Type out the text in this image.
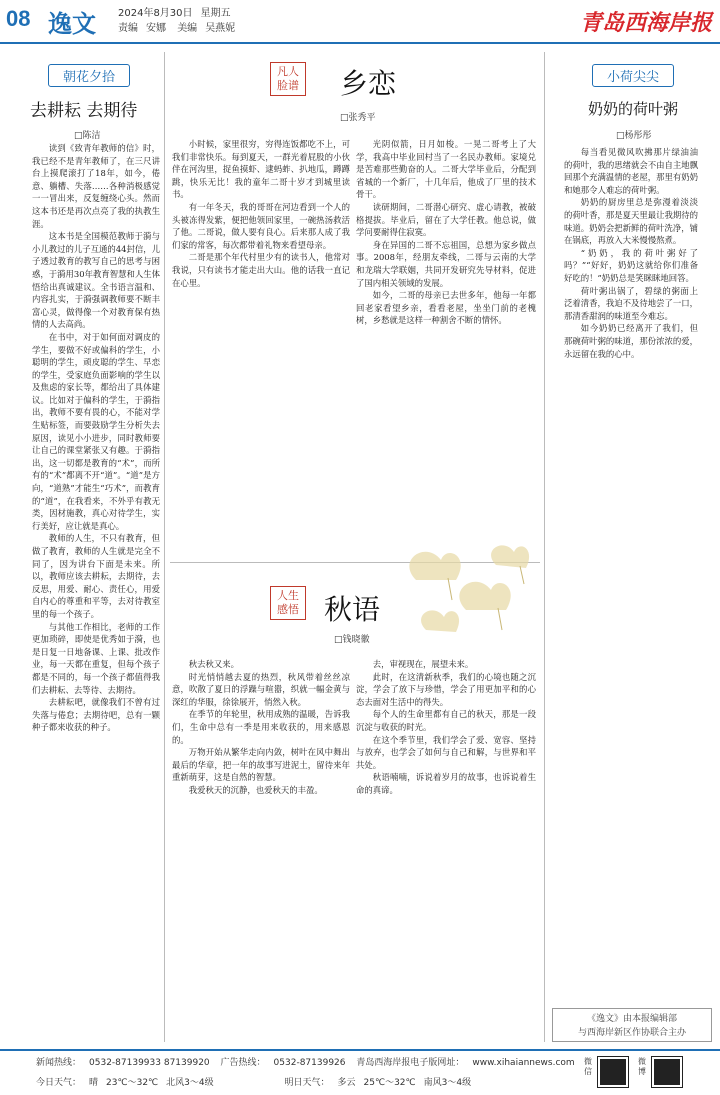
08 逸文 2024年8月30日 星期五
责编 安娜 美编 吴燕妮	青岛西海岸报
朝花夕拾
去耕耘 去期待
□陈洁

读到《致青年教师的信》时，我已经不是青年教师了，在三尺讲台上摸爬滚打了18年，如今，倦意、躺槽、失落……各种消极感觉一一冒出来，反复缠绕心头。然而这本书还是再次点亮了我的执教生涯。

这本书是全国模范教师于漪与小儿教过的儿子互通的44封信，儿子透过教育的教写自己的思考与困惑，于漪用30年教育智慧和人生体悟给出真诚建议。全书语言温和、内容扎实，于漪强调教师要不断丰富心灵，做得像一个对教育保有热情的人去高尚。

在书中，对于如何面对调皮的学生，要做不好或偏科的学生，小聪明的学生，顽皮聪的学生、早恋的学生，受家庭负面影响的学生以及焦虑的家长等，都给出了具体建议。比如对于偏科的学生，于漪指出，教师不要有畏的心，不能对学生贴标签，而要鼓励学生分析失去原因，读见小小进步，同时教师要让自己的课堂紧张又有趣。于漪指出，这一切都是教育的“术”，而所有的“术”都离不开“道”。“道”是方向，“道熟”才能生“巧术”，而教育的“道”，在我看来，不外乎有教无类，因材施教，真心对待学生，实行美好，应让就是真心。

教师的人生，不只有教育，但做了教育，教师的人生就是完全不同了，因为讲台下面是未来。所以，教师应该去耕耘，去期待，去反思，用爱、耐心、责任心，用爱自内心的尊重和平等，去对待教室里的每一个孩子。

与其他工作相比，老师的工作更加琐碎，即使是优秀如于漪，也是日复一日地备课、上课、批改作业，每一天都在重复，但每个孩子都是不同的，每一个孩子都值得我们去耕耘、去等待、去期待。

去耕耘吧，就像我们不曾有过失落与倦怠；去期待吧，总有一颗种子都来收获的种子。

凡人脸谱 乡恋
□张秀平

小时候，家里很穷，穷得连饭都吃不上，可我们非常快乐。每到夏天，一群光着屁股的小伙伴在河沟里，捉鱼摸虾、逮蚂蚱、扒地瓜，蹲蹲跳，快乐无比！我的童年二哥十岁才到城里读书。

有一年冬天，我的哥哥在河边看到一个人的头被冻得发紫，便把他领回家里，一碗热汤救活了他。二哥说，做人要有良心。后来那人成了我们家的常客，每次都带着礼物来看望母亲。

二哥是那个年代村里少有的读书人，他常对我说，只有读书才能走出大山。他的话我一直记在心里。

光阴似箭，日月如梭。一晃二哥考上了大学，我高中毕业回村当了一名民办教师。家境兑是苦难那些勤奋的人。二哥大学毕业后，分配到省城的一个新厂，十几年后，他成了厂里的技术骨干。

读研期间，二哥潜心研究、虚心请教，被破格提拔。毕业后，留在了大学任教。他总说，做学问要耐得住寂寞。

身在异国的二哥不忘祖国，总想为家乡做点事。2008年，经朋友牵线，二哥与云南的大学和龙瑞大学联姻，共同开发研究先导材料，促进了国内相关领域的发展。

如今，二哥的母亲已去世多年，他每一年都回老家看望乡亲，看看老屋，坐坐门前的老槐树，乡愁就是这样一种割舍不断的情怀。

人生感悟 秋语
□钱晓徽

秋去秋又来。

时光悄悄越去夏的热烈，秋风带着丝丝凉意，吹散了夏日的浮躁与喧嚣，织就一幅金黄与深红的华服，徐徐展开，悄然入秋。

在季节的年轮里，秋用成熟的温暖，告诉我们，生命中总有一季是用来收获的，用来感恩的。

万物开始从繁华走向内敛，树叶在风中舞出最后的华章，把一年的故事写进泥土，留待来年重新萌芽，这是自然的智慧。

我爱秋天的沉静，也爱秋天的丰盈。

去，审视现在，展望未来。

此时，在这清新秋季，我们的心境也随之沉淀，学会了放下与珍惜，学会了用更加平和的心态去面对生活中的得失。

每个人的生命里都有自己的秋天，那是一段沉淀与收获的时光。

在这个季节里，我们学会了爱、宽容、坚持与放弃，也学会了如何与自己和解，与世界和平共处。

秋语喃喃，诉说着岁月的故事，也诉说着生命的真谛。

小荷尖尖
奶奶的荷叶粥
□杨彤彤

每当看见微风吹拂那片绿油油的荷叶，我的思绪就会不由自主地飘回那个充满温情的老屋，那里有奶奶和她那令人难忘的荷叶粥。

奶奶的厨房里总是弥漫着淡淡的荷叶香，那是夏天里最让我期待的味道。奶奶会把新鲜的荷叶洗净，铺在锅底，再放入大米慢慢熬煮。

“奶奶，我的荷叶粥好了吗？”“好好，奶奶这就给你们准备好吃的！”奶奶总是笑眯眯地回答。

荷叶粥出锅了，碧绿的粥面上泛着清香，我迫不及待地尝了一口，那清香甜润的味道至今难忘。

如今奶奶已经离开了我们，但那碗荷叶粥的味道，那份浓浓的爱，永远留在我的心中。

《逸文》由本报编辑部
与西海岸新区作协联合主办
新闻热线： 0532-87139933 87139920 广告热线： 0532-87139926 青岛西海岸报电子版网址： www.xihaiannews.com
今日天气： 晴 23℃～32℃ 北风3～4级	明日天气： 多云 25℃～32℃ 南风3～4级
微信
微博
